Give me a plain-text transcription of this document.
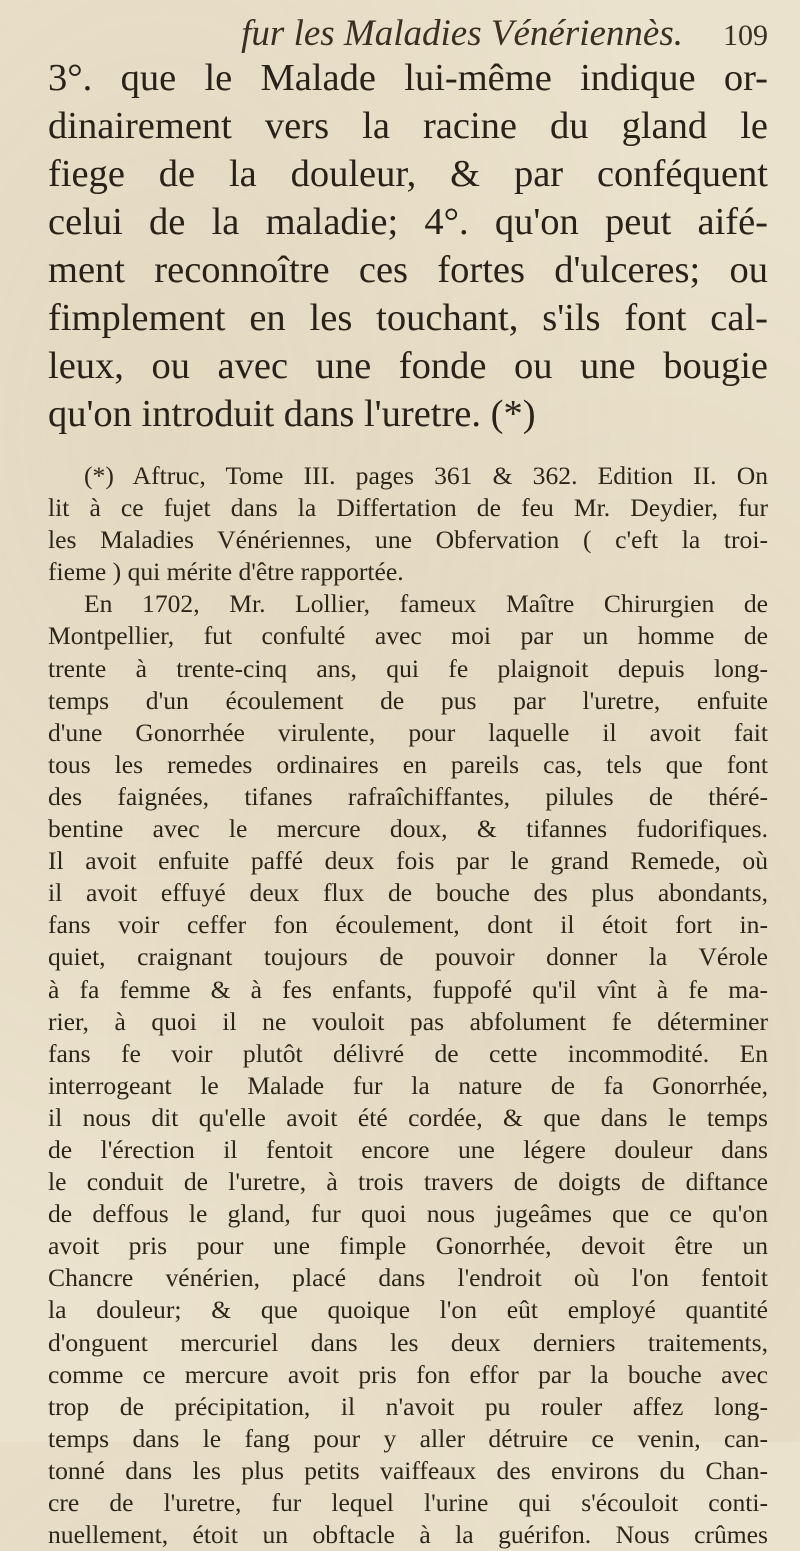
fur les Maladies Vénériennès. 109
3°. que le Malade lui-même indique or-
dinairement vers la racine du gland le
fiege de la douleur, & par conféquent
celui de la maladie; 4°. qu'on peut aifé-
ment reconnoître ces fortes d'ulceres; ou
fimplement en les touchant, s'ils font cal-
leux, ou avec une fonde ou une bougie
qu'on introduit dans l'uretre. (*)
(*) Aftruc, Tome III. pages 361 & 362. Edition II. On
lit à ce fujet dans la Differtation de feu Mr. Deydier, fur
les Maladies Vénériennes, une Obfervation ( c'eft la troi-
fieme ) qui mérite d'être rapportée.
En 1702, Mr. Lollier, fameux Maître Chirurgien de
Montpellier, fut confulté avec moi par un homme de
trente à trente-cinq ans, qui fe plaignoit depuis long-
temps d'un écoulement de pus par l'uretre, enfuite
d'une Gonorrhée virulente, pour laquelle il avoit fait
tous les remedes ordinaires en pareils cas, tels que font
des faignées, tifanes rafraîchiffantes, pilules de théré-
bentine avec le mercure doux, & tifannes fudorifiques.
Il avoit enfuite paffé deux fois par le grand Remede, où
il avoit effuyé deux flux de bouche des plus abondants,
fans voir ceffer fon écoulement, dont il étoit fort in-
quiet, craignant toujours de pouvoir donner la Vérole
à fa femme & à fes enfants, fuppofé qu'il vînt à fe ma-
rier, à quoi il ne vouloit pas abfolument fe déterminer
fans fe voir plutôt délivré de cette incommodité. En
interrogeant le Malade fur la nature de fa Gonorrhée,
il nous dit qu'elle avoit été cordée, & que dans le temps
de l'érection il fentoit encore une légere douleur dans
le conduit de l'uretre, à trois travers de doigts de diftance
de deffous le gland, fur quoi nous jugeâmes que ce qu'on
avoit pris pour une fimple Gonorrhée, devoit être un
Chancre vénérien, placé dans l'endroit où l'on fentoit
la douleur; & que quoique l'on eût employé quantité
d'onguent mercuriel dans les deux derniers traitements,
comme ce mercure avoit pris fon effor par la bouche avec
trop de précipitation, il n'avoit pu rouler affez long-
temps dans le fang pour y aller détruire ce venin, can-
tonné dans les plus petits vaiffeaux des environs du Chan-
cre de l'uretre, fur lequel l'urine qui s'écouloit conti-
nuellement, étoit un obftacle à la guérifon. Nous crûmes
